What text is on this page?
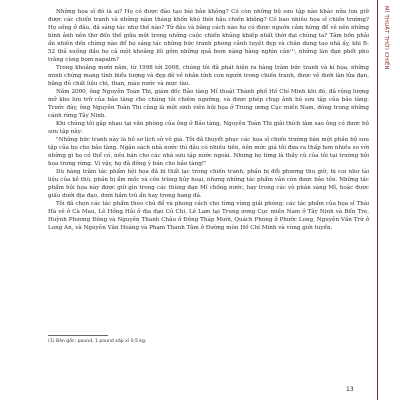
Những họa sĩ đó là ai? Họ có được đào tạo bài bản không? Có còn những bộ sưu tập nào khác nữa lưu giữ được các chiến tranh và những năm tháng khốn khó thời hậu chiến không? Có bao nhiêu họa sĩ chiến trường? Họ sống ở đâu, đã sáng tác như thế nào? Từ đâu và bằng cách nào họ có được nguồn cảm hứng để vẽ nên những hình ảnh nên thơ đến thế giữa một trong những cuộc chiến khủng khiếp nhất thời đại chúng ta? Tâm hồn phải ẩn nhiên đến chừng nào để họ sáng tác những bức tranh phong cảnh tuyệt đẹp và chân dung tao nhã ấy, khi B-52 thả xuống đầu họ cả một khoảng lối gồm những quả bom nặng hàng nghìn cân⁽¹⁾, những làn đạn phốt pho trắng cùng bom napalm?

Trong khoảng mười năm, từ 1998 tới 2008, chúng tôi đã phát hiện ra hàng trăm bức tranh và kí họa, những minh chứng mang tính biểu tượng và đẹp đẽ về nhân tính con người trong chiến tranh, được vẽ dưới làn lửa đạn, bằng đủ chất liệu chì, than, màu nước và mực tàu.

Năm 2000, ông Nguyễn Toàn Thi, giám đốc Bảo tàng Mĩ thuật Thành phố Hồ Chí Minh khi đó, đã rộng lượng mở kho lưu trữ của bảo tàng cho chúng tôi chiêm ngưỡng, và được phép chụp ảnh bộ sưu tập của bảo tàng. Trước đây, ông Nguyễn Toàn Thi cũng là một sinh viên hội họa ở Trung ương Cục miền Nam, đóng trong những cánh rừng Tây Ninh.

Khi chúng tôi gặp nhau tại văn phòng của ông ở Bảo tàng, Nguyễn Toàn Thi giải thích lâm sao ông có được bộ sưu tập này:

"Những bức tranh này là hồ sơ lịch sử vô giá. Tôi đã thuyết phục các họa sĩ chiến trường bán một phần bộ sưu tập của họ cho bảo tàng. Ngân sách nhà nước thì đâu có nhiều tiền, nên mức giá tôi đưa ra thấp hơn nhiều so với những gì họ có thể có, nếu bán cho các nhà sưu tập nước ngoài. Nhưng họ từng là thầy cũ của tôi tại trường hội họa trong rừng. Vì vậy, họ đã đồng ý bán cho bảo tàng!"

Dù hàng trăm tác phẩm hội họa đã bị thất lạc trong chiến tranh, phần bị đổi phương thu giữ, bị coi như tài liệu của kẻ thù, phần bị ẩm mốc và côn trùng hủy hoại, nhưng những tác phẩm vẫn còn được bảo tồn. Những tác phẩm hội họa này được giữ gìn trong các thùng đạn Mĩ chống nước, hay trong các vò phân sàng Mĩ, hoặc được giấu dưới địa đạo, dưới hầm trú ẩn hay trong hang đá.

Tôi đã chọn các tác phẩm theo chủ đề và phong cách cho từng vùng giải phóng: các tác phẩm của họa sĩ Thái Hà vẽ ở Cà Mau, Lê Hồng Hải ở địa đạo Củ Chi, Lê Lam tại Trung ương Cục miền Nam ở Tây Ninh và Bến Tre, Huỳnh Phương Đông và Nguyễn Thanh Châu ở Đồng Tháp Mười, Quách Phong ở Phước Long, Nguyễn Văn Trừ ở Long An, và Nguyễn Văn Hoàng và Phạm Thanh Tâm ở Đường mòn Hồ Chí Minh và vùng giới tuyến.

MĨ THUẬT THỜI CHIẾN
(1) Bản gốc: pound, 1 pound xấp xỉ 0,5 kg.
13
